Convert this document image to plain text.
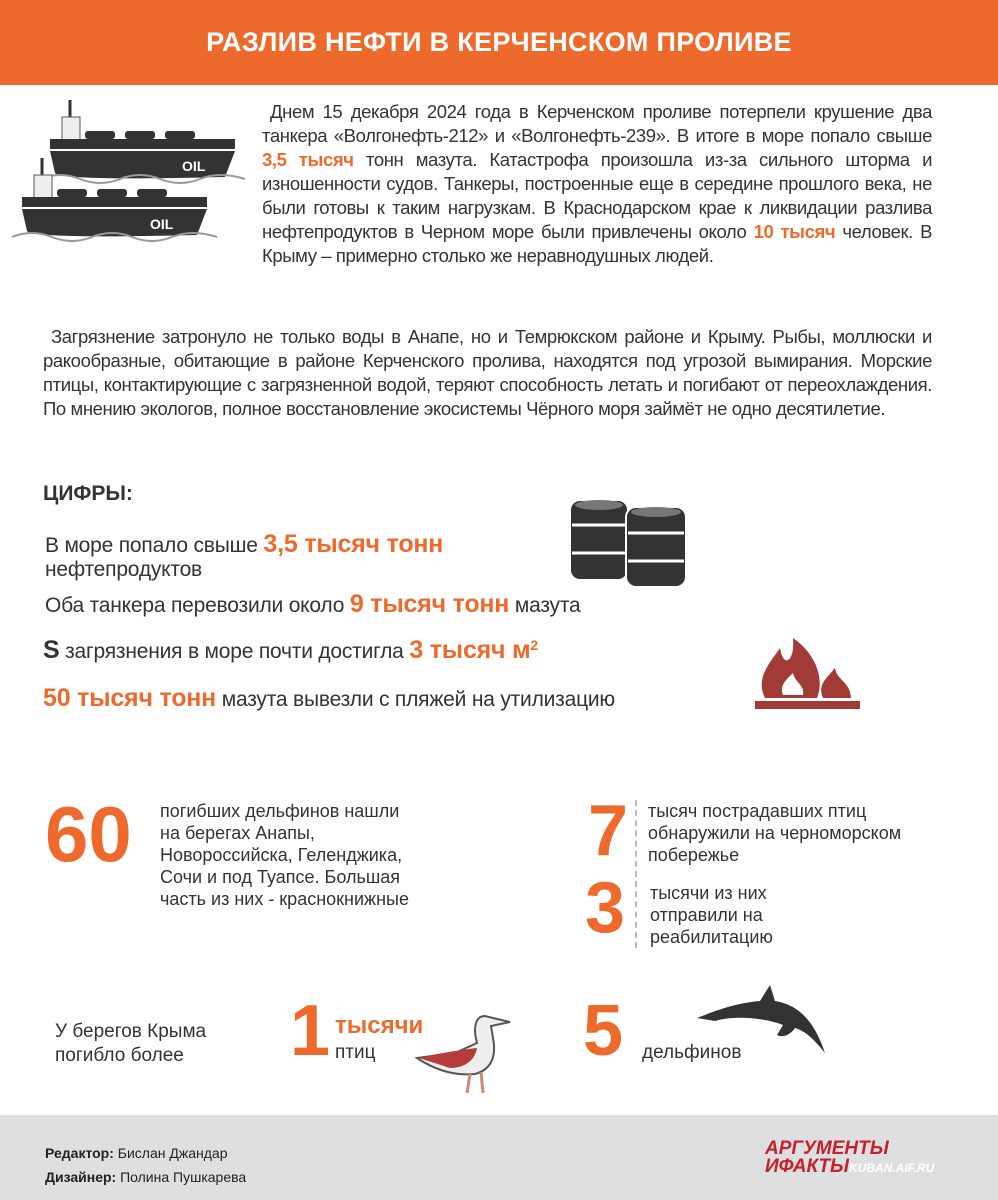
РАЗЛИВ НЕФТИ В КЕРЧЕНСКОМ ПРОЛИВЕ
OIL
OIL

Днем 15 декабря 2024 года в Керченском проливе потерпели крушение два танкера «Волгонефть-212» и «Волгонефть-239». В итоге в море попало свыше 3,5 тысяч тонн мазута. Катастрофа произошла из-за сильного шторма и изношенности судов. Танкеры, построенные еще в середине прошлого века, не были готовы к таким нагрузкам. В Краснодарском крае к ликвидации разлива нефтепродуктов в Черном море были привлечены около 10 тысяч человек. В Крыму – примерно столько же неравнодушных людей.

Загрязнение затронуло не только воды в Анапе, но и Темрюкском районе и Крыму. Рыбы, моллюски и ракообразные, обитающие в районе Керченского пролива, находятся под угрозой вымирания. Морские птицы, контактирующие с загрязненной водой, теряют способность летать и погибают от переохлаждения. По мнению экологов, полное восстановление экосистемы Чёрного моря займёт не одно десятилетие.

ЦИФРЫ:
В море попало свыше 3,5 тысяч тонн
нефтепродуктов
Оба танкера перевозили около 9 тысяч тонн мазута
S загрязнения в море почти достигла 3 тысяч $м^2$
50 тысяч тонн мазута вывезли с пляжей на утилизацию
60 погибших дельфинов нашли на берегах Анапы, Новороссийска, Геленджика, Сочи и под Туапсе. Большая часть из них - краснокнижные
7 тысяч пострадавших птиц обнаружили на черноморском побережье
3 тысячи из них отправили на реабилитацию
У берегов Крыма погибло более	1 тысячи
птиц	5 дельфинов
Редактор: Бислан Джандар
Дизайнер: Полина Пушкарева
АРГУМЕНТЫ
ИФАКТЫKUBAN.AIF.RU
